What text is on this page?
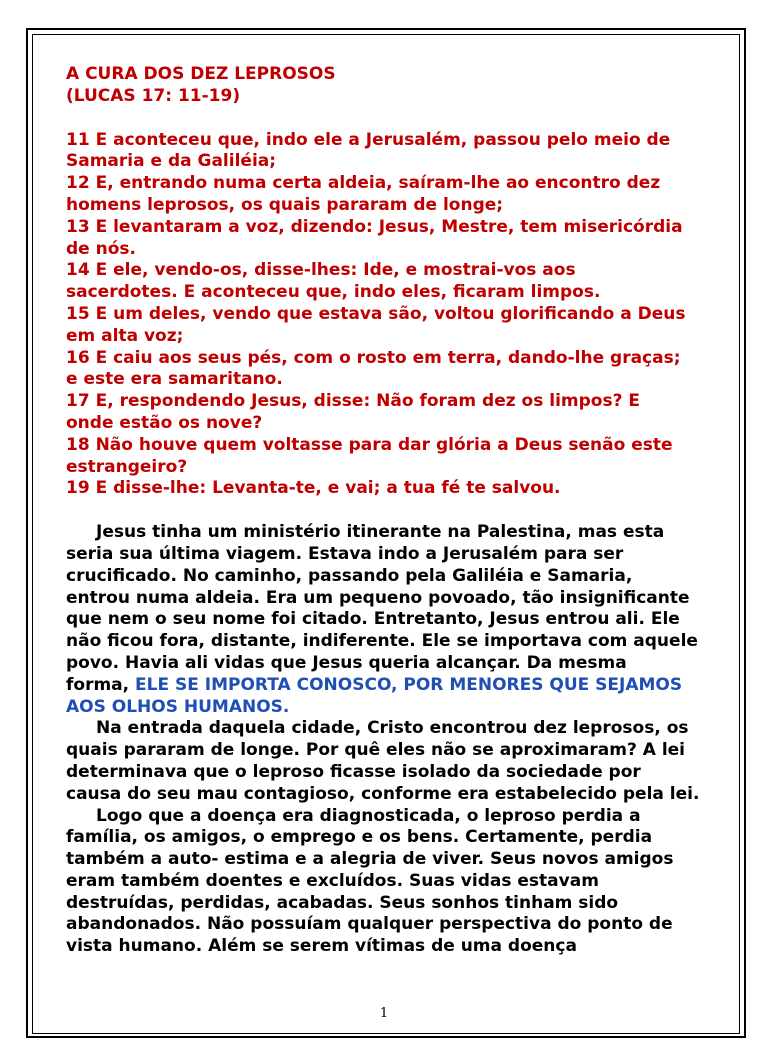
A CURA DOS DEZ LEPROSOS
(LUCAS 17: 11-19)
11 E aconteceu que, indo ele a Jerusalém, passou pelo meio de
Samaria e da Galiléia;
12 E, entrando numa certa aldeia, saíram-lhe ao encontro dez
homens leprosos, os quais pararam de longe;
13 E levantaram a voz, dizendo: Jesus, Mestre, tem misericórdia
de nós.
14 E ele, vendo-os, disse-lhes: Ide, e mostrai-vos aos
sacerdotes. E aconteceu que, indo eles, ficaram limpos.
15 E um deles, vendo que estava são, voltou glorificando a Deus
em alta voz;
16 E caiu aos seus pés, com o rosto em terra, dando-lhe graças;
e este era samaritano.
17 E, respondendo Jesus, disse: Não foram dez os limpos? E
onde estão os nove?
18 Não houve quem voltasse para dar glória a Deus senão este
estrangeiro?
19 E disse-lhe: Levanta-te, e vai; a tua fé te salvou.
Jesus tinha um ministério itinerante na Palestina, mas esta
seria sua última viagem. Estava indo a Jerusalém para ser
crucificado. No caminho, passando pela Galiléia e Samaria,
entrou numa aldeia. Era um pequeno povoado, tão insignificante
que nem o seu nome foi citado. Entretanto, Jesus entrou ali. Ele
não ficou fora, distante, indiferente. Ele se importava com aquele
povo. Havia ali vidas que Jesus queria alcançar. Da mesma
forma, ELE SE IMPORTA CONOSCO, POR MENORES QUE SEJAMOS
AOS OLHOS HUMANOS.
Na entrada daquela cidade, Cristo encontrou dez leprosos, os
quais pararam de longe. Por quê eles não se aproximaram? A lei
determinava que o leproso ficasse isolado da sociedade por
causa do seu mau contagioso, conforme era estabelecido pela lei.
Logo que a doença era diagnosticada, o leproso perdia a
família, os amigos, o emprego e os bens. Certamente, perdia
também a auto- estima e a alegria de viver. Seus novos amigos
eram também doentes e excluídos. Suas vidas estavam
destruídas, perdidas, acabadas. Seus sonhos tinham sido
abandonados. Não possuíam qualquer perspectiva do ponto de
vista humano. Além se serem vítimas de uma doença
1
